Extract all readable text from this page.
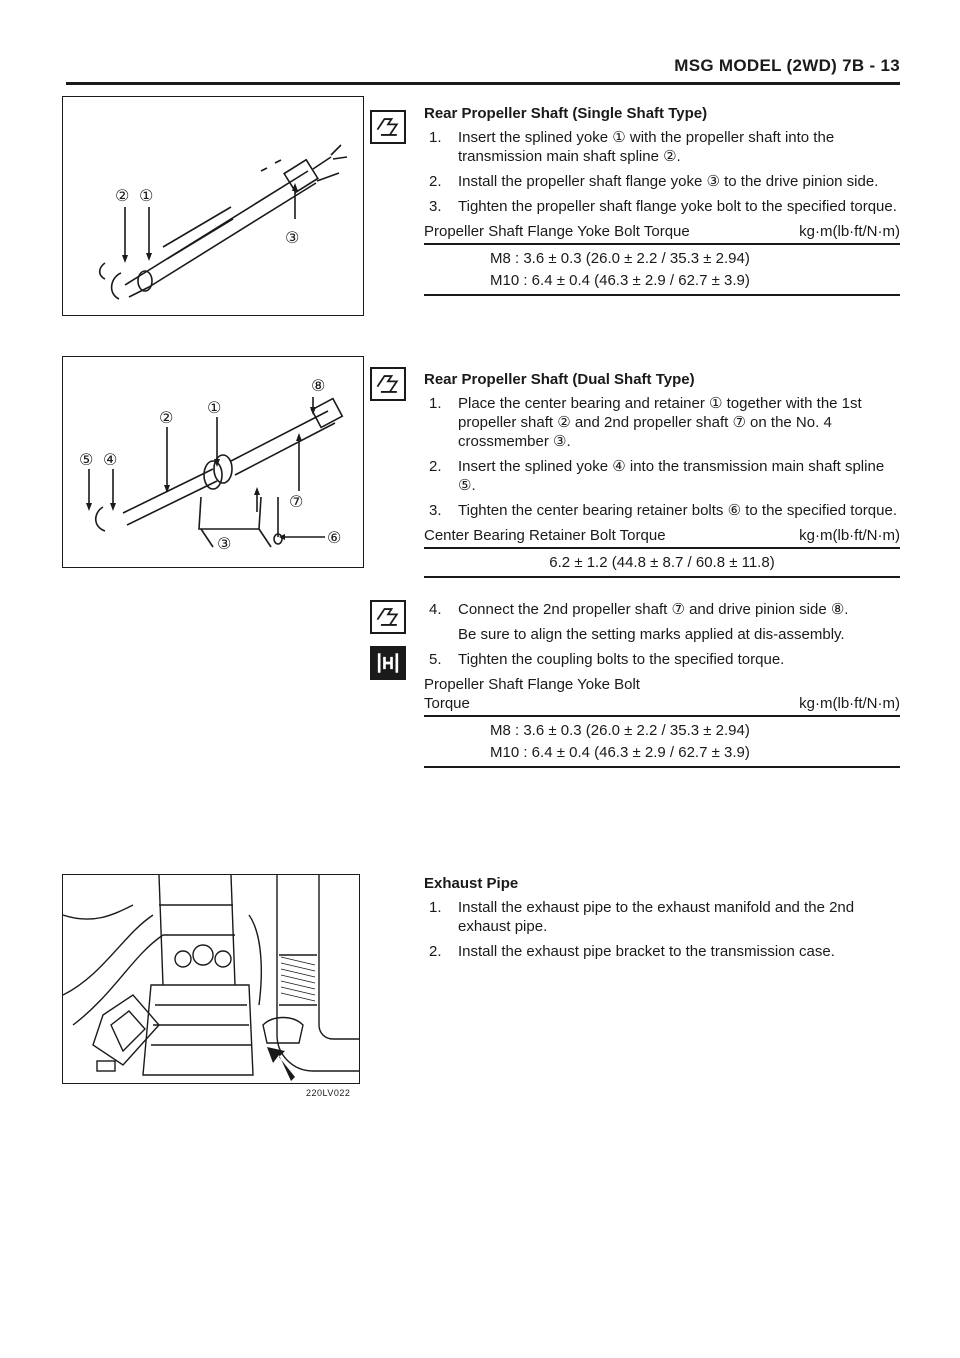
MSG MODEL (2WD) 7B - 13
② ①
③
⑧
①
②
⑤ ④
⑦
③	⑥
220LV022
Rear Propeller Shaft (Single Shaft Type)
1. Insert the splined yoke ① with the propeller shaft into the transmission main shaft spline ②.
2. Install the propeller shaft flange yoke ③ to the drive pinion side.
3. Tighten the propeller shaft flange yoke bolt to the specified torque.
Propeller Shaft Flange Yoke Bolt Torque	kg·m(lb·ft/N·m)
M8 : 3.6 ± 0.3 (26.0 ± 2.2 / 35.3 ± 2.94)
M10 : 6.4 ± 0.4 (46.3 ± 2.9 / 62.7 ± 3.9)
Rear Propeller Shaft (Dual Shaft Type)
1. Place the center bearing and retainer ① together with the 1st propeller shaft ② and 2nd propeller shaft ⑦ on the No. 4 crossmember ③.
2. Insert the splined yoke ④ into the transmission main shaft spline ⑤.
3. Tighten the center bearing retainer bolts ⑥ to the specified torque.
Center Bearing Retainer Bolt Torque	kg·m(lb·ft/N·m)
6.2 ± 1.2 (44.8 ± 8.7 / 60.8 ± 11.8)
4. Connect the 2nd propeller shaft ⑦ and drive pinion side ⑧.
Be sure to align the setting marks applied at dis-assembly.
5. Tighten the coupling bolts to the specified torque.
Propeller Shaft Flange Yoke Bolt
Torque	kg·m(lb·ft/N·m)
M8 : 3.6 ± 0.3 (26.0 ± 2.2 / 35.3 ± 2.94)
M10 : 6.4 ± 0.4 (46.3 ± 2.9 / 62.7 ± 3.9)
Exhaust Pipe
1. Install the exhaust pipe to the exhaust manifold and the 2nd exhaust pipe.
2. Install the exhaust pipe bracket to the transmission case.
